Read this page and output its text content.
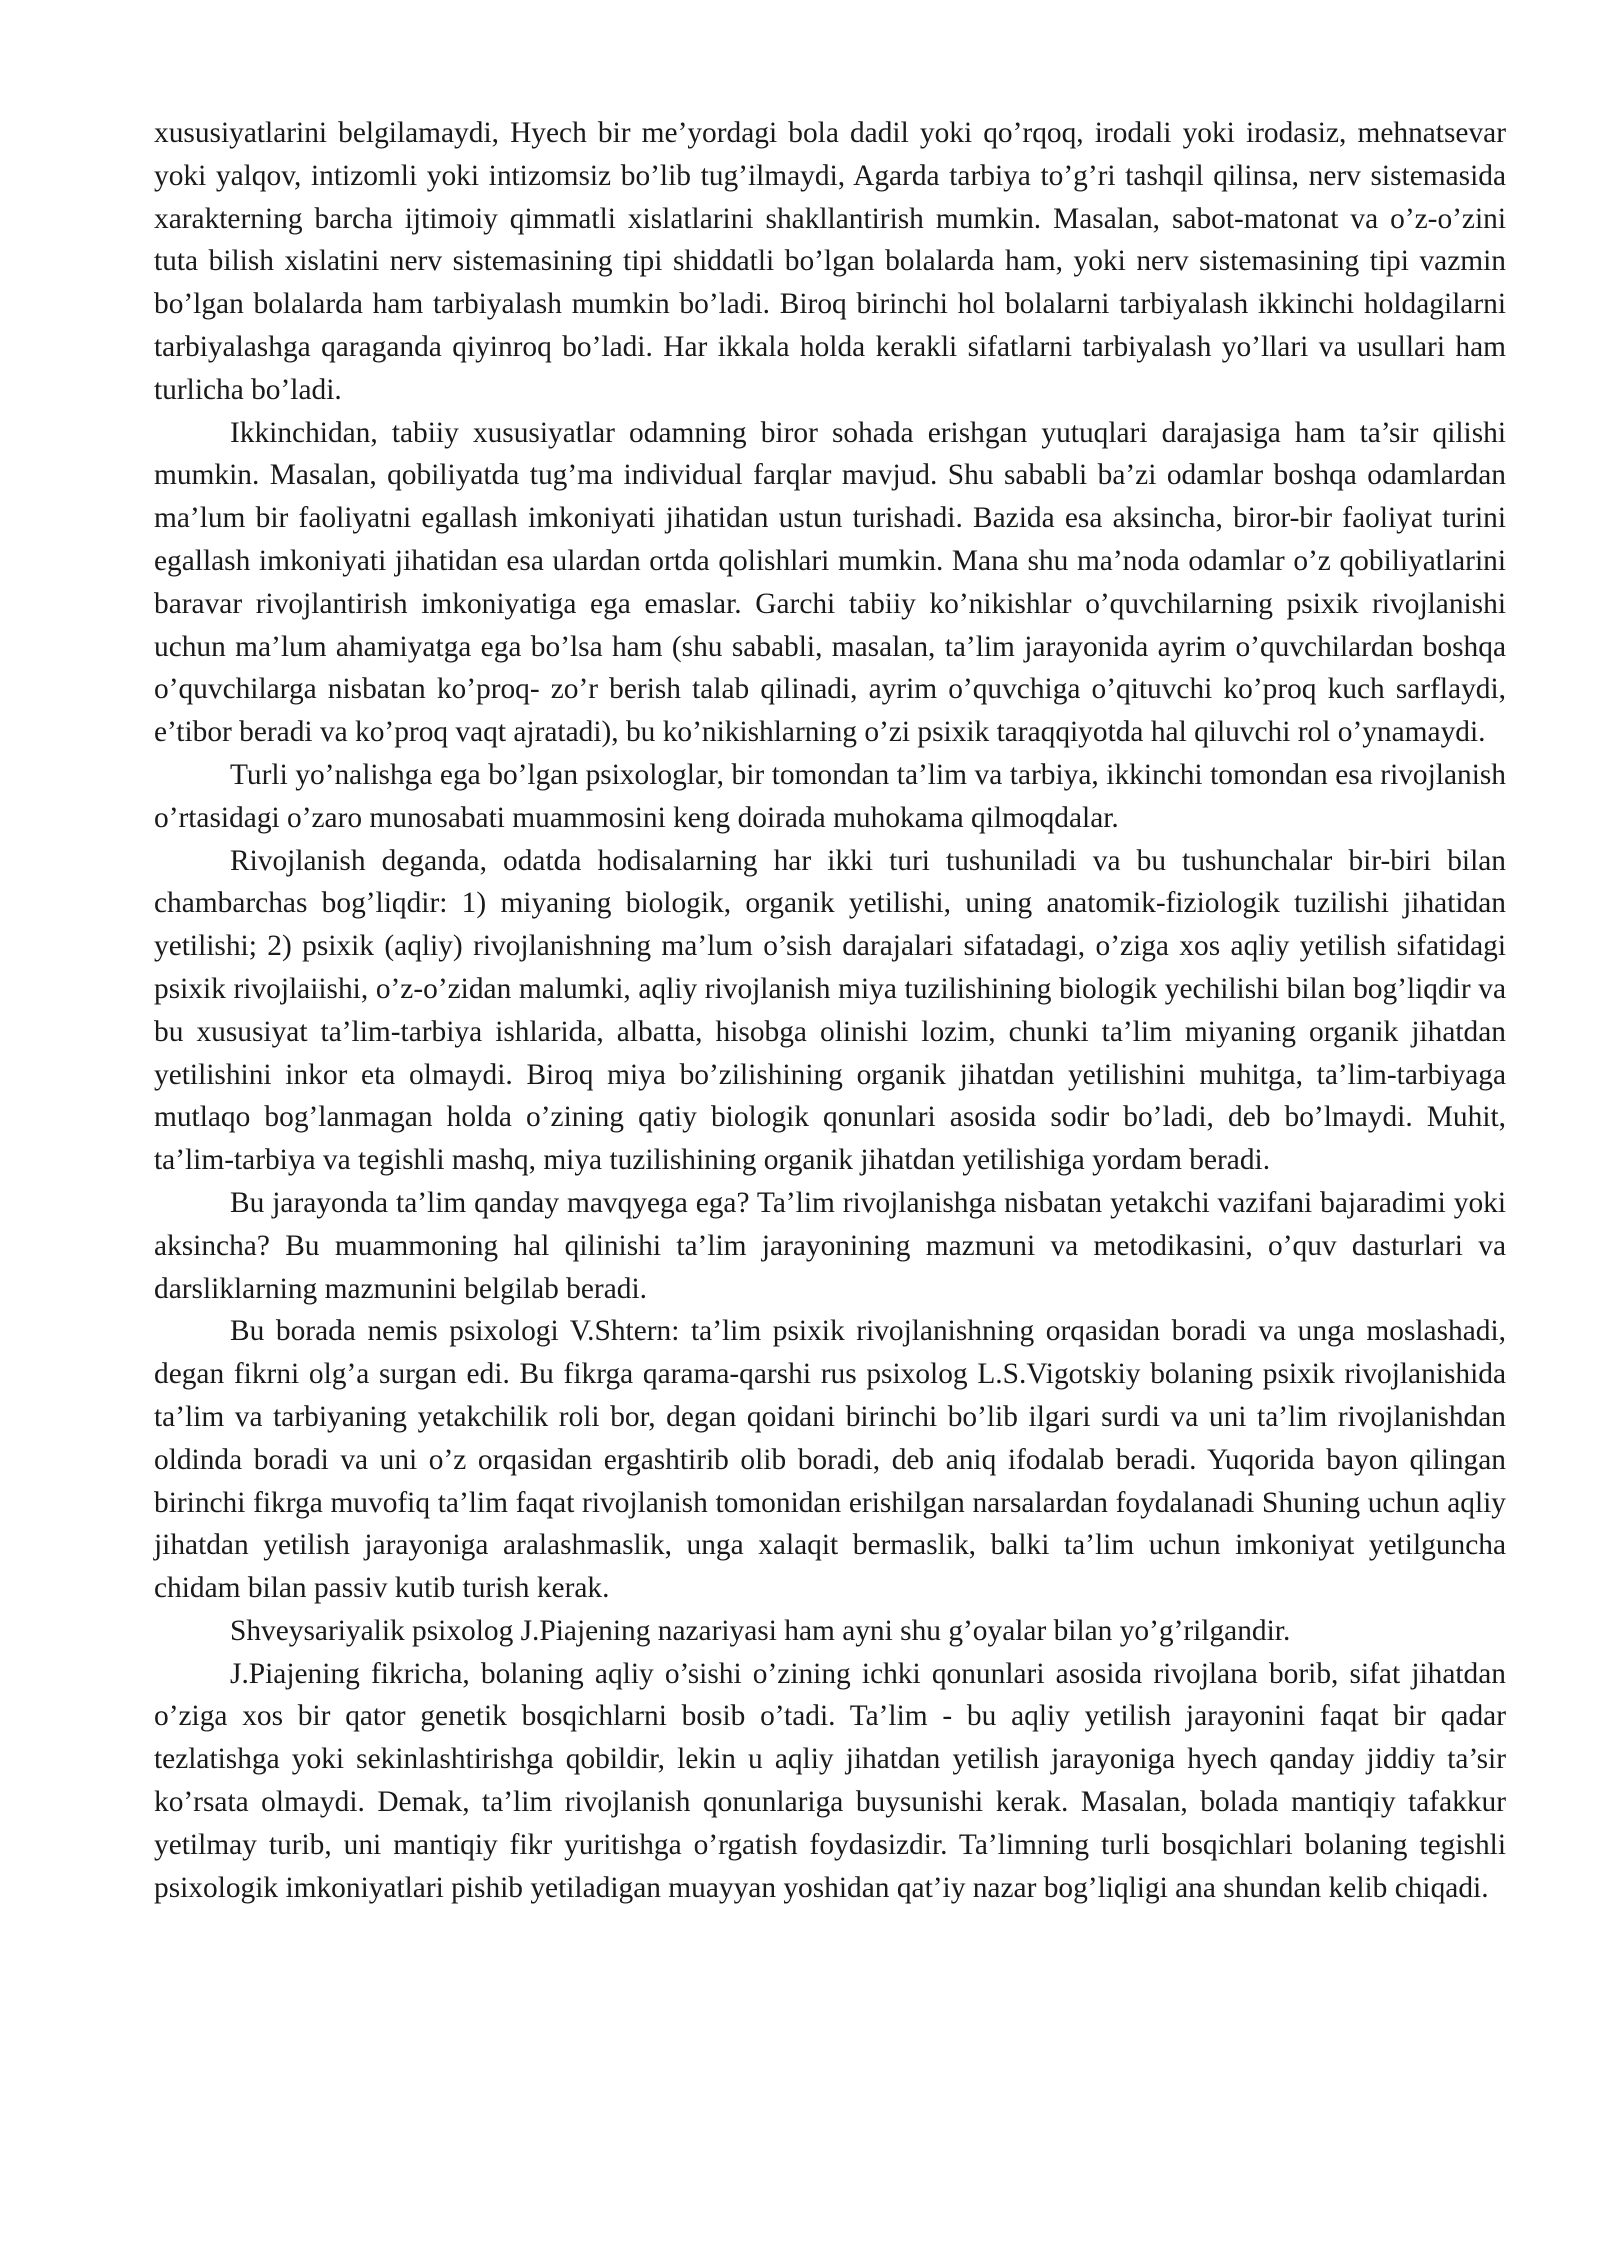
xususiyatlarini belgilamaydi, Hyech bir me’yordagi bola dadil yoki qo’rqoq, irodali yoki irodasiz, mehnatsevar yoki yalqov, intizomli yoki intizomsiz bo’lib tug’ilmaydi, Agarda tarbiya to’g’ri tashqil qilinsa, nerv sistemasida xarakterning barcha ijtimoiy qimmatli xislatlarini shakllantirish mumkin. Masalan, sabot-matonat va o’z-o’zini tuta bilish xislatini nerv sistemasining tipi shiddatli bo’lgan bolalarda ham, yoki nerv sistemasining tipi vazmin bo’lgan bolalarda ham tarbiyalash mumkin bo’ladi. Biroq birinchi hol bolalarni tarbiyalash ikkinchi holdagilarni tarbiyalashga qaraganda qiyinroq bo’ladi. Har ikkala holda kerakli sifatlarni tarbiyalash yo’llari va usullari ham turlicha bo’ladi.

Ikkinchidan, tabiiy xususiyatlar odamning biror sohada erishgan yutuqlari darajasiga ham ta’sir qilishi mumkin. Masalan, qobiliyatda tug’ma individual farqlar mavjud. Shu sababli ba’zi odamlar boshqa odamlardan ma’lum bir faoliyatni egallash imkoniyati jihatidan ustun turishadi. Bazida esa aksincha, biror-bir faoliyat turini egallash imkoniyati jihatidan esa ulardan ortda qolishlari mumkin. Mana shu ma’noda odamlar o’z qobiliyatlarini baravar rivojlantirish imkoniyatiga ega emaslar. Garchi tabiiy ko’nikishlar o’quvchilarning psixik rivojlanishi uchun ma’lum ahamiyatga ega bo’lsa ham (shu sababli, masalan, ta’lim jarayonida ayrim o’quvchilardan boshqa o’quvchilarga nisbatan ko’proq- zo’r berish talab qilinadi, ayrim o’quvchiga o’qituvchi ko’proq kuch sarflaydi, e’tibor beradi va ko’proq vaqt ajratadi), bu ko’nikishlarning o’zi psixik taraqqiyotda hal qiluvchi rol o’ynamaydi.

Turli yo’nalishga ega bo’lgan psixologlar, bir tomondan ta’lim va tarbiya, ikkinchi tomondan esa rivojlanish o’rtasidagi o’zaro munosabati muammosini keng doirada muhokama qilmoqdalar.

Rivojlanish deganda, odatda hodisalarning har ikki turi tushuniladi va bu tushunchalar bir-biri bilan chambarchas bog’liqdir: 1) miyaning biologik, organik yetilishi, uning anatomik-fiziologik tuzilishi jihatidan yetilishi; 2) psixik (aqliy) rivojlanishning ma’lum o’sish darajalari sifatadagi, o’ziga xos aqliy yetilish sifatidagi psixik rivojlaiishi, o’z-o’zidan malumki, aqliy rivojlanish miya tuzilishining biologik yechilishi bilan bog’liqdir va bu xususiyat ta’lim-tarbiya ishlarida, albatta, hisobga olinishi lozim, chunki ta’lim miyaning organik jihatdan yetilishini inkor eta olmaydi. Biroq miya bo’zilishining organik jihatdan yetilishini muhitga, ta’lim-tarbiyaga mutlaqo bog’lanmagan holda o’zining qatiy biologik qonunlari asosida sodir bo’ladi, deb bo’lmaydi. Muhit, ta’lim-tarbiya va tegishli mashq, miya tuzilishining organik jihatdan yetilishiga yordam beradi.

Bu jarayonda ta’lim qanday mavqyega ega? Ta’lim rivojlanishga nisbatan yetakchi vazifani bajaradimi yoki aksincha? Bu muammoning hal qilinishi ta’lim jarayonining mazmuni va metodikasini, o’quv dasturlari va darsliklarning mazmunini belgilab beradi.

Bu borada nemis psixologi V.Shtern: ta’lim psixik rivojlanishning orqasidan boradi va unga moslashadi, degan fikrni olg’a surgan edi. Bu fikrga qarama-qarshi rus psixolog L.S.Vigotskiy bolaning psixik rivojlanishida ta’lim va tarbiyaning yetakchilik roli bor, degan qoidani birinchi bo’lib ilgari surdi va uni ta’lim rivojlanishdan oldinda boradi va uni o’z orqasidan ergashtirib olib boradi, deb aniq ifodalab beradi. Yuqorida bayon qilingan birinchi fikrga muvofiq ta’lim faqat rivojlanish tomonidan erishilgan narsalardan foydalanadi Shuning uchun aqliy jihatdan yetilish jarayoniga aralashmaslik, unga xalaqit bermaslik, balki ta’lim uchun imkoniyat yetilguncha chidam bilan passiv kutib turish kerak.

Shveysariyalik psixolog J.Piajening nazariyasi ham ayni shu g’oyalar bilan yo’g’rilgandir.

J.Piajening fikricha, bolaning aqliy o’sishi o’zining ichki qonunlari asosida rivojlana borib, sifat jihatdan o’ziga xos bir qator genetik bosqichlarni bosib o’tadi. Ta’lim - bu aqliy yetilish jarayonini faqat bir qadar tezlatishga yoki sekinlashtirishga qobildir, lekin u aqliy jihatdan yetilish jarayoniga hyech qanday jiddiy ta’sir ko’rsata olmaydi. Demak, ta’lim rivojlanish qonunlariga buysunishi kerak. Masalan, bolada mantiqiy tafakkur yetilmay turib, uni mantiqiy fikr yuritishga o’rgatish foydasizdir. Ta’limning turli bosqichlari bolaning tegishli psixologik imkoniyatlari pishib yetiladigan muayyan yoshidan qat’iy nazar bog’liqligi ana shundan kelib chiqadi.
